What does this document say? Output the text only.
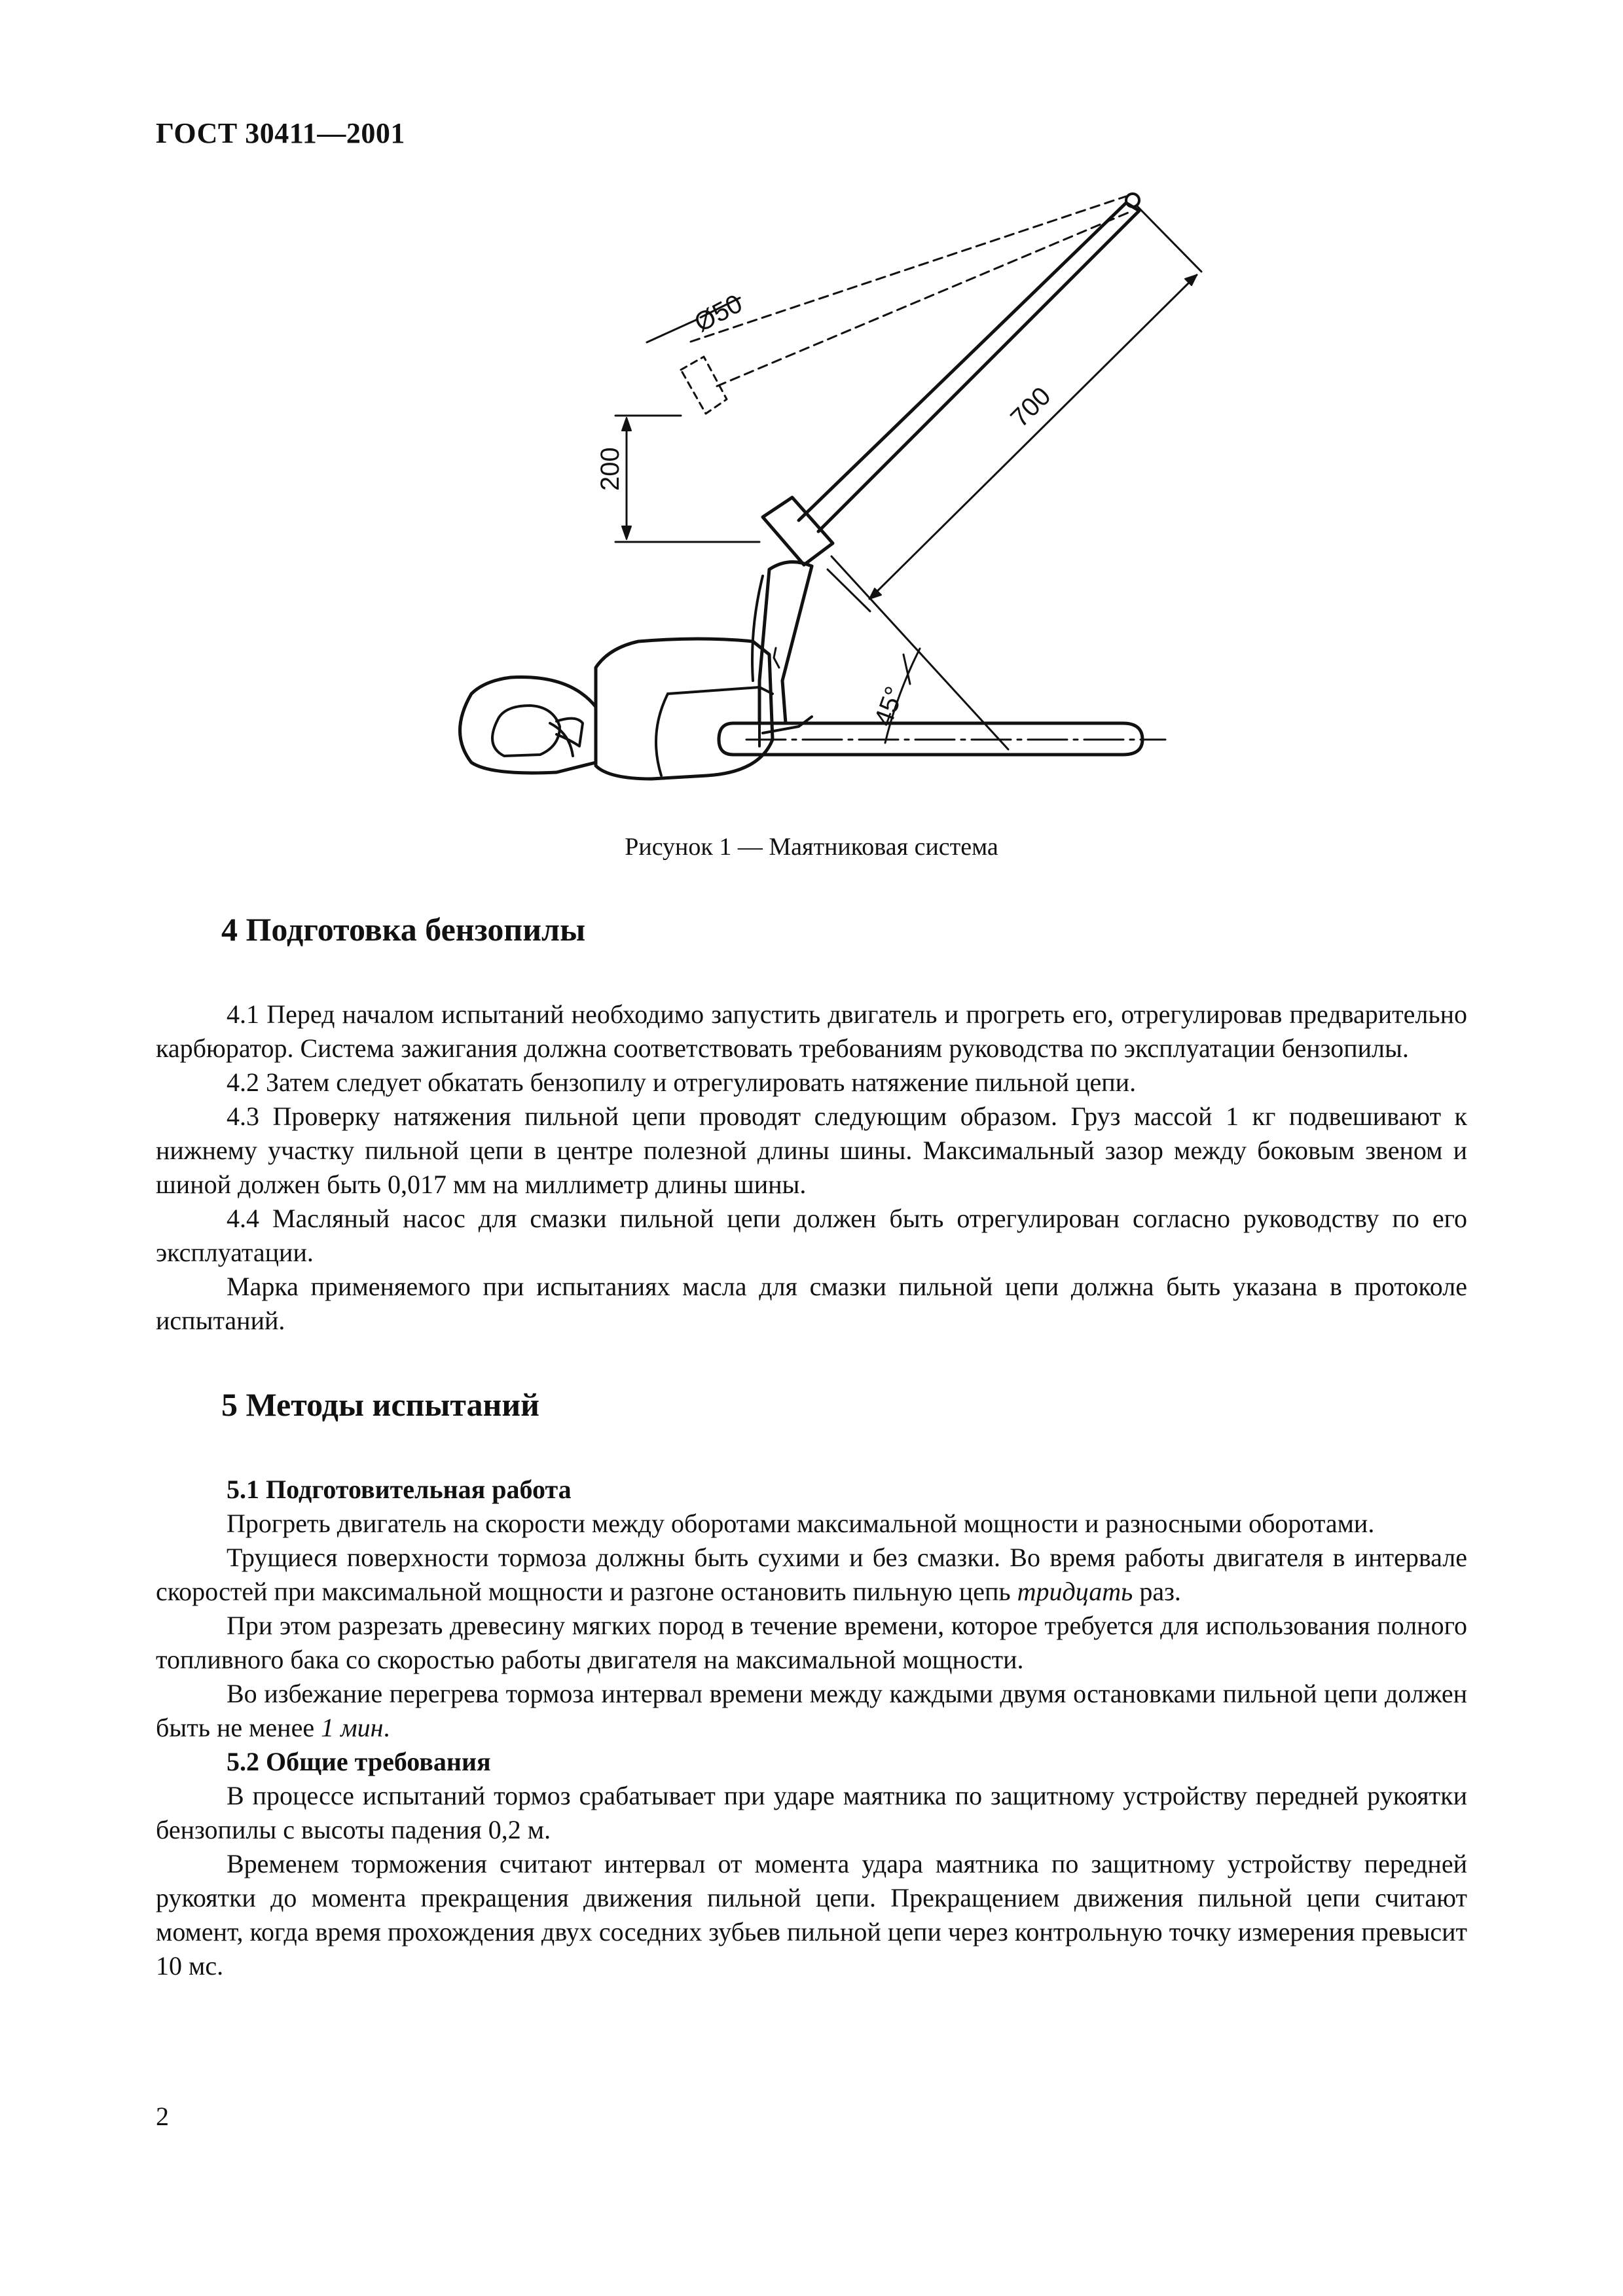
ГОСТ 30411—2001
Ø50
700
200
45°
Рисунок 1 — Маятниковая система
4 Подготовка бензопилы

4.1 Перед началом испытаний необходимо запустить двигатель и прогреть его, отрегулировав предварительно карбюратор. Система зажигания должна соответствовать требованиям руководства по эксплуатации бензопилы.

4.2 Затем следует обкатать бензопилу и отрегулировать натяжение пильной цепи.

4.3 Проверку натяжения пильной цепи проводят следующим образом. Груз массой 1 кг подвешивают к нижнему участку пильной цепи в центре полезной длины шины. Максимальный зазор между боковым звеном и шиной должен быть 0,017 мм на миллиметр длины шины.

4.4 Масляный насос для смазки пильной цепи должен быть отрегулирован согласно руководству по его эксплуатации.

Марка применяемого при испытаниях масла для смазки пильной цепи должна быть указана в протоколе испытаний.

5 Методы испытаний
5.1 Подготовительная работа

Прогреть двигатель на скорости между оборотами максимальной мощности и разносными оборотами.

Трущиеся поверхности тормоза должны быть сухими и без смазки. Во время работы двигателя в интервале скоростей при максимальной мощности и разгоне остановить пильную цепь тридцать раз.

При этом разрезать древесину мягких пород в течение времени, которое требуется для использования полного топливного бака со скоростью работы двигателя на максимальной мощности.

Во избежание перегрева тормоза интервал времени между каждыми двумя остановками пильной цепи должен быть не менее 1 мин.

5.2 Общие требования

В процессе испытаний тормоз срабатывает при ударе маятника по защитному устройству передней рукоятки бензопилы с высоты падения 0,2 м.

Временем торможения считают интервал от момента удара маятника по защитному устройству передней рукоятки до момента прекращения движения пильной цепи. Прекращением движения пильной цепи считают момент, когда время прохождения двух соседних зубьев пильной цепи через контрольную точку измерения превысит 10 мс.

2
